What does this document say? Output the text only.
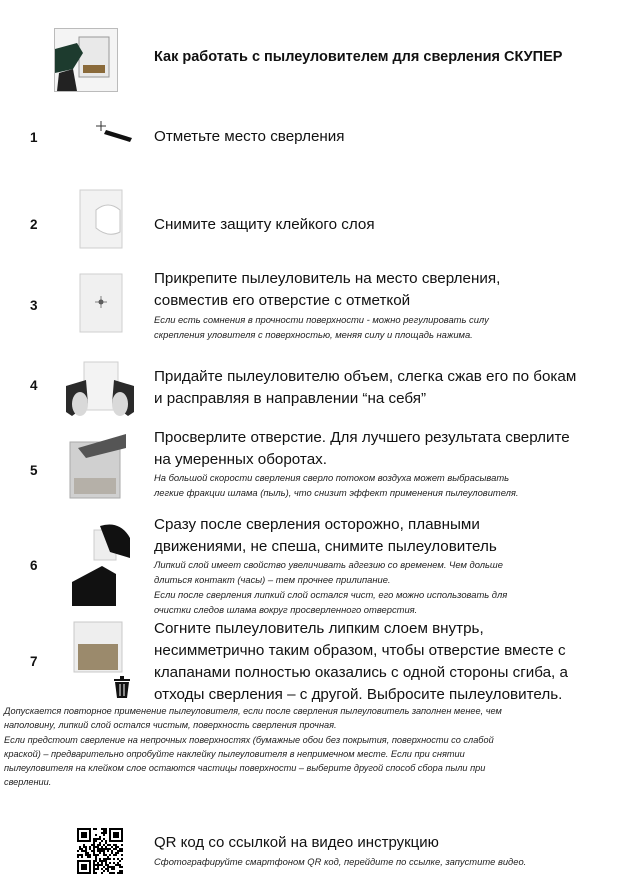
Как работать с пылеуловителем для сверления СКУПЕР
1	Отметьте место сверления
2	Снимите защиту клейкого слоя
3
Прикрепите пылеуловитель на место сверления,
совместив его отверстие с отметкой
Если есть сомнения в прочности поверхности - можно регулировать силу
скрепления уловителя с поверхностью, меняя силу и площадь нажима.
4
Придайте пылеуловителю объем, слегка сжав его по бокам
и расправляя в направлении “на себя”
5
Просверлите отверстие. Для лучшего результата сверлите
на умеренных оборотах.
На большой скорости сверления сверло потоком воздуха может выбрасывать
легкие фракции шлама (пыль), что снизит эффект применения пылеуловителя.
6
Сразу после сверления осторожно, плавными
движениями, не спеша, снимите пылеуловитель
Липкий слой имеет свойство увеличивать адгезию со временем. Чем дольше
длиться контакт (часы) – тем прочнее прилипание.
Если после сверления липкий слой остался чист, его можно использовать для
очистки следов шлама вокруг просверленного отверстия.
7
Согните пылеуловитель липким слоем внутрь,
несимметрично таким образом, чтобы отверстие вместе с
клапанами полностью оказались с одной стороны сгиба, а
отходы сверления – с другой. Выбросите пылеуловитель.
Допускается повторное применение пылеуловителя, если после сверления пылеуловитель заполнен менее, чем
наполовину, липкий слой остался чистым, поверхность сверления прочная.
Если предстоит сверление на непрочных поверхностях (бумажные обои без покрытия, поверхности со слабой
краской) – предварительно опробуйте наклейку пылеуловителя в непримечном месте. Если при снятии
пылеуловителя на клейком слое остаются частицы поверхности – выберите другой способ сбора пыли при
сверлении.
QR код со ссылкой на видео инструкцию
Сфотографируйте смартфоном QR код, перейдите по ссылке, запустите видео.
